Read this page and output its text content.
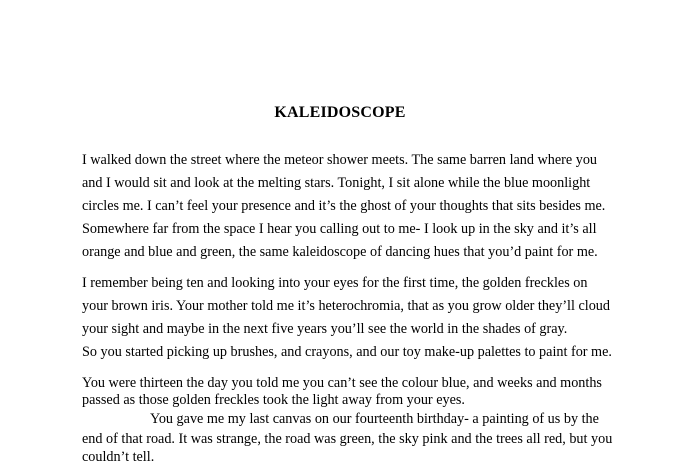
KALEIDOSCOPE
I walked down the street where the meteor shower meets. The same barren land where you
and I would sit and look at the melting stars. Tonight, I sit alone while the blue moonlight
circles me. I can’t feel your presence and it’s the ghost of your thoughts that sits besides me.
Somewhere far from the space I hear you calling out to me- I look up in the sky and it’s all
orange and blue and green, the same kaleidoscope of dancing hues that you’d paint for me.
I remember being ten and looking into your eyes for the first time, the golden freckles on
your brown iris. Your mother told me it’s heterochromia, that as you grow older they’ll cloud
your sight and maybe in the next five years you’ll see the world in the shades of gray.
So you started picking up brushes, and crayons, and our toy make-up palettes to paint for me.
You were thirteen the day you told me you can’t see the colour blue, and weeks and months
passed as those golden freckles took the light away from your eyes.
You gave me my last canvas on our fourteenth birthday- a painting of us by the
end of that road. It was strange, the road was green, the sky pink and the trees all red, but you
couldn’t tell.
